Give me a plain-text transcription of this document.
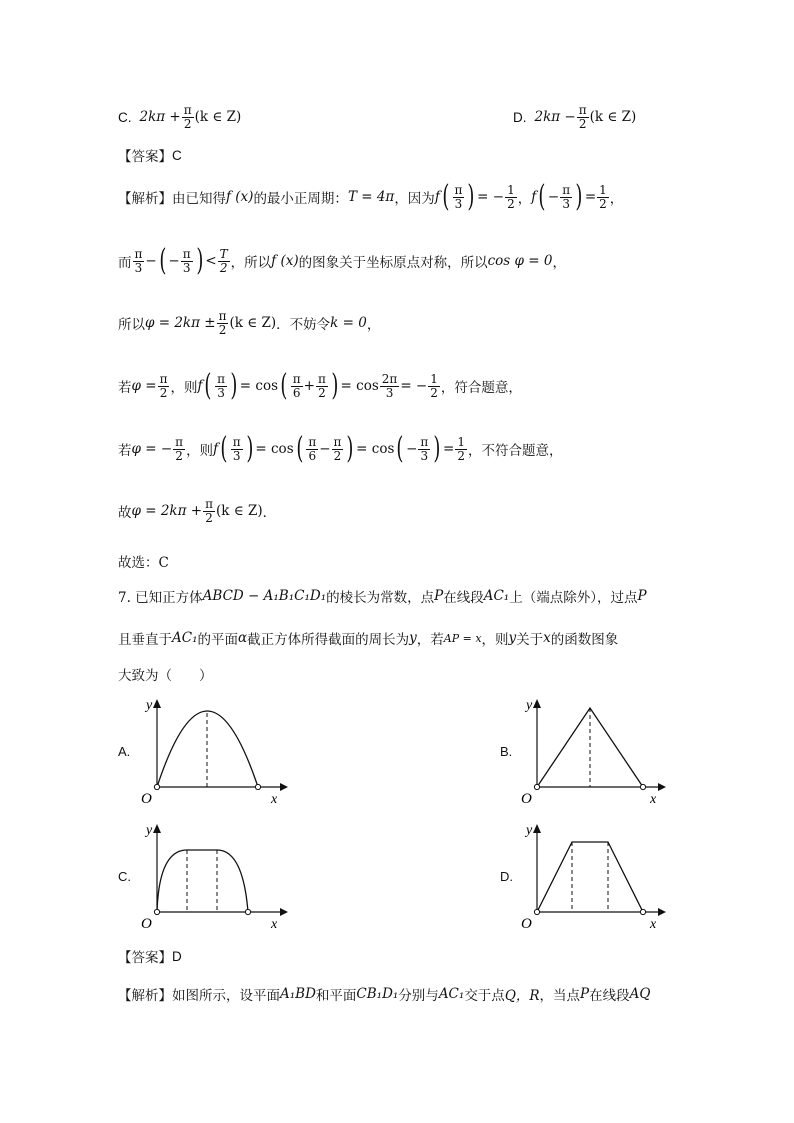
C. $2k\pi + \frac{\pi}{2} (k$ ∈ Z)	D. $2k\pi - \frac{\pi}{2} (k$ ∈ Z)
【答案】 C
【解析】 由已知得 f (x) 的最小正周期： T = 4π ，因为 f ( $\frac{\pi}{3}$ ) = − $\frac{1}{2}$ ， f ( − $\frac{\pi}{3}$ ) = $\frac{1}{2}$ ，
而 $\frac{\pi}{3}$ − ( − $\frac{\pi}{3}$ ) < $\frac{T}{2}$ ，所以 f (x) 的图象关于坐标原点对称，所以 cos φ = 0 ，
所以 $\varphi = 2k\pi \pm \frac{\pi}{2} (k$ ∈ Z) ．不妨令 k = 0 ，
若 $\varphi = \frac{\pi}{2}$ ，则 f ( $\frac{\pi}{3}$ ) =
cos ( $\frac{\pi}{6} + \frac{\pi}{2}$ ) =
$\cos \frac{2\pi}{3}$ = − $\frac{1}{2}$ ，符合题意，
若 φ = − $\frac{\pi}{2}$ ，则 f ( $\frac{\pi}{3}$ ) =
cos ( $\frac{\pi}{6} - \frac{\pi}{2}$ ) =
cos ( − $\frac{\pi}{3}$ ) = $\frac{1}{2}$ ，不符合题意，
故 $\varphi = 2k\pi + \frac{\pi}{2} (k$ ∈ Z) ．
故选：C
7. 已知正方体 ABCD − A₁B₁C₁D₁ 的棱长为常数，点 P 在线段 AC₁ 上（端点除外），过点 P
且垂直于 AC₁ 的平面 α 截正方体所得截面的周长为 y ，若 AP = x ，则 y 关于 x 的函数图象
大致为（　　）
A.	B.
C.	D.
y
x
O
y
x
O
y
x
O
y
x
O
【答案】 D
【解析】 如图所示，设平面 A₁BD 和平面 CB₁D₁ 分别与 AC₁ 交于点 Q，R ，当点 P 在线段 AQ
